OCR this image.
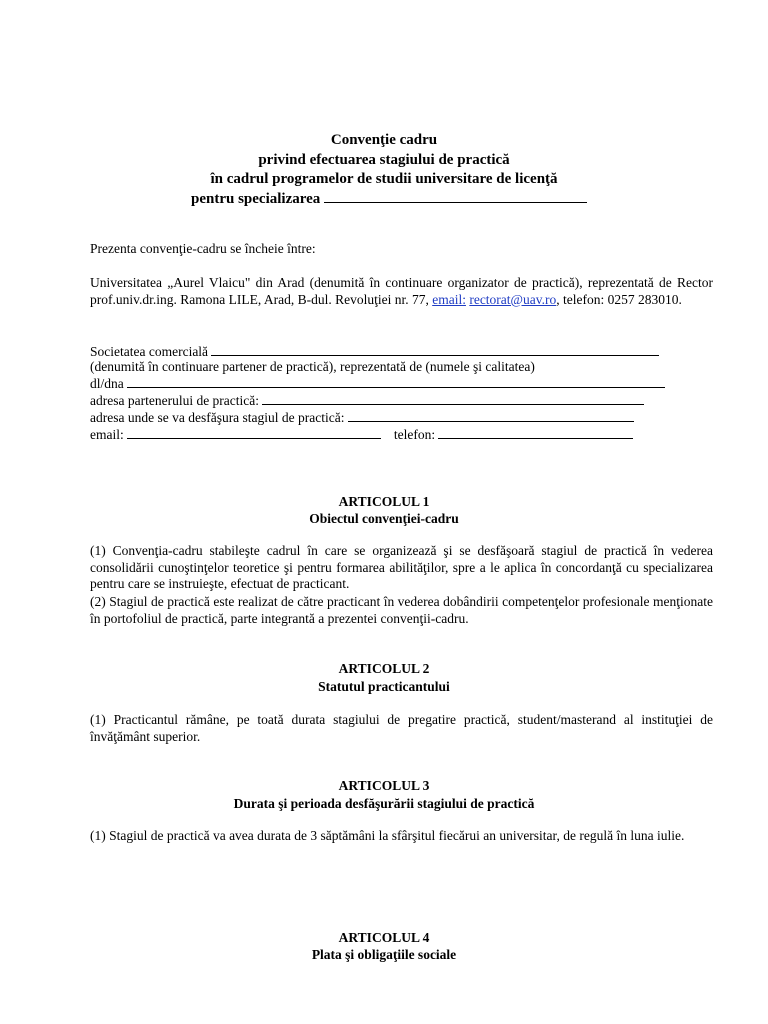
Convenţie cadru
privind efectuarea stagiului de practică
în cadrul programelor de studii universitare de licenţă
pentru specializarea
Prezenta convenţie-cadru se încheie între:
Universitatea „Aurel Vlaicu" din Arad (denumită în continuare organizator de practică), reprezentată de Rector prof.univ.dr.ing. Ramona LILE, Arad, B-dul. Revoluţiei nr. 77, email: rectorat@uav.ro, telefon: 0257 283010.
Societatea comercială
(denumită în continuare partener de practică), reprezentată de (numele şi calitatea)
dl/dna
adresa partenerului de practică:
adresa unde se va desfăşura stagiul de practică:
email:	telefon:
ARTICOLUL 1
Obiectul convenţiei-cadru
(1) Convenţia-cadru stabileşte cadrul în care se organizează şi se desfăşoară stagiul de practică în vederea consolidării cunoştinţelor teoretice şi pentru formarea abilităţilor, spre a le aplica în concordanţă cu specializarea pentru care se instruieşte, efectuat de practicant.
(2) Stagiul de practică este realizat de către practicant în vederea dobândirii competenţelor profesionale menţionate în portofoliul de practică, parte integrantă a prezentei convenţii-cadru.
ARTICOLUL 2
Statutul practicantului
(1) Practicantul rămâne, pe toată durata stagiului de pregatire practică, student/masterand al instituţiei de învăţământ superior.
ARTICOLUL 3
Durata şi perioada desfăşurării stagiului de practică
(1) Stagiul de practică va avea durata de 3 săptămâni la sfârşitul fiecărui an universitar, de regulă în luna iulie.
ARTICOLUL 4
Plata şi obligaţiile sociale
